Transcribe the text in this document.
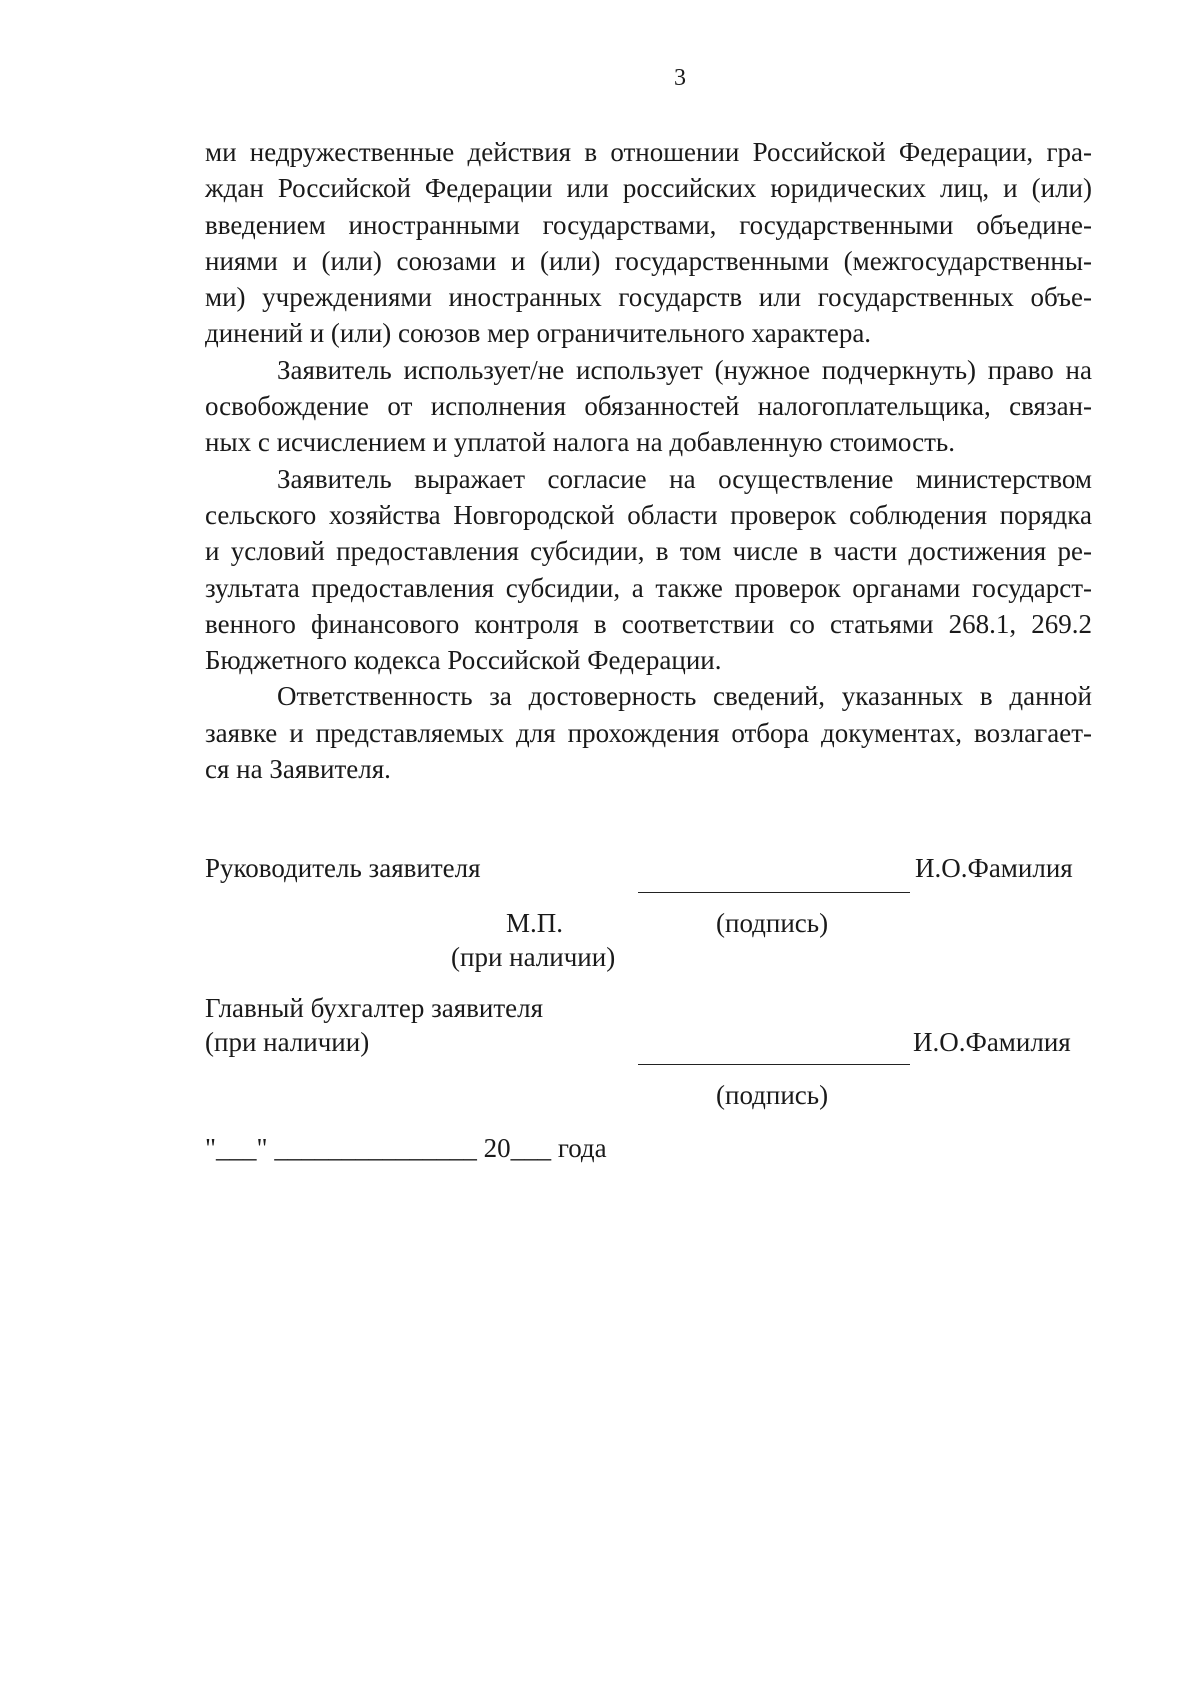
3
ми недружественные действия в отношении Российской Федерации, гра-
ждан Российской Федерации или российских юридических лиц, и (или)
введением иностранными государствами, государственными объедине-
ниями и (или) союзами и (или) государственными (межгосударственны-
ми) учреждениями иностранных государств или государственных объе-
динений и (или) союзов мер ограничительного характера.
Заявитель использует/не использует (нужное подчеркнуть) право на
освобождение от исполнения обязанностей налогоплательщика, связан-
ных с исчислением и уплатой налога на добавленную стоимость.
Заявитель выражает согласие на осуществление министерством
сельского хозяйства Новгородской области проверок соблюдения порядка
и условий предоставления субсидии, в том числе в части достижения ре-
зультата предоставления субсидии, а также проверок органами государст-
венного финансового контроля в соответствии со статьями 268.1, 269.2
Бюджетного кодекса Российской Федерации.
Ответственность за достоверность сведений, указанных в данной
заявке и представляемых для прохождения отбора документах, возлагает-
ся на Заявителя.
Руководитель заявителя	И.О.Фамилия
М.П.	(подпись)
(при наличии)
Главный бухгалтер заявителя
(при наличии)	И.О.Фамилия
(подпись)
"___" _______________ 20___ года
